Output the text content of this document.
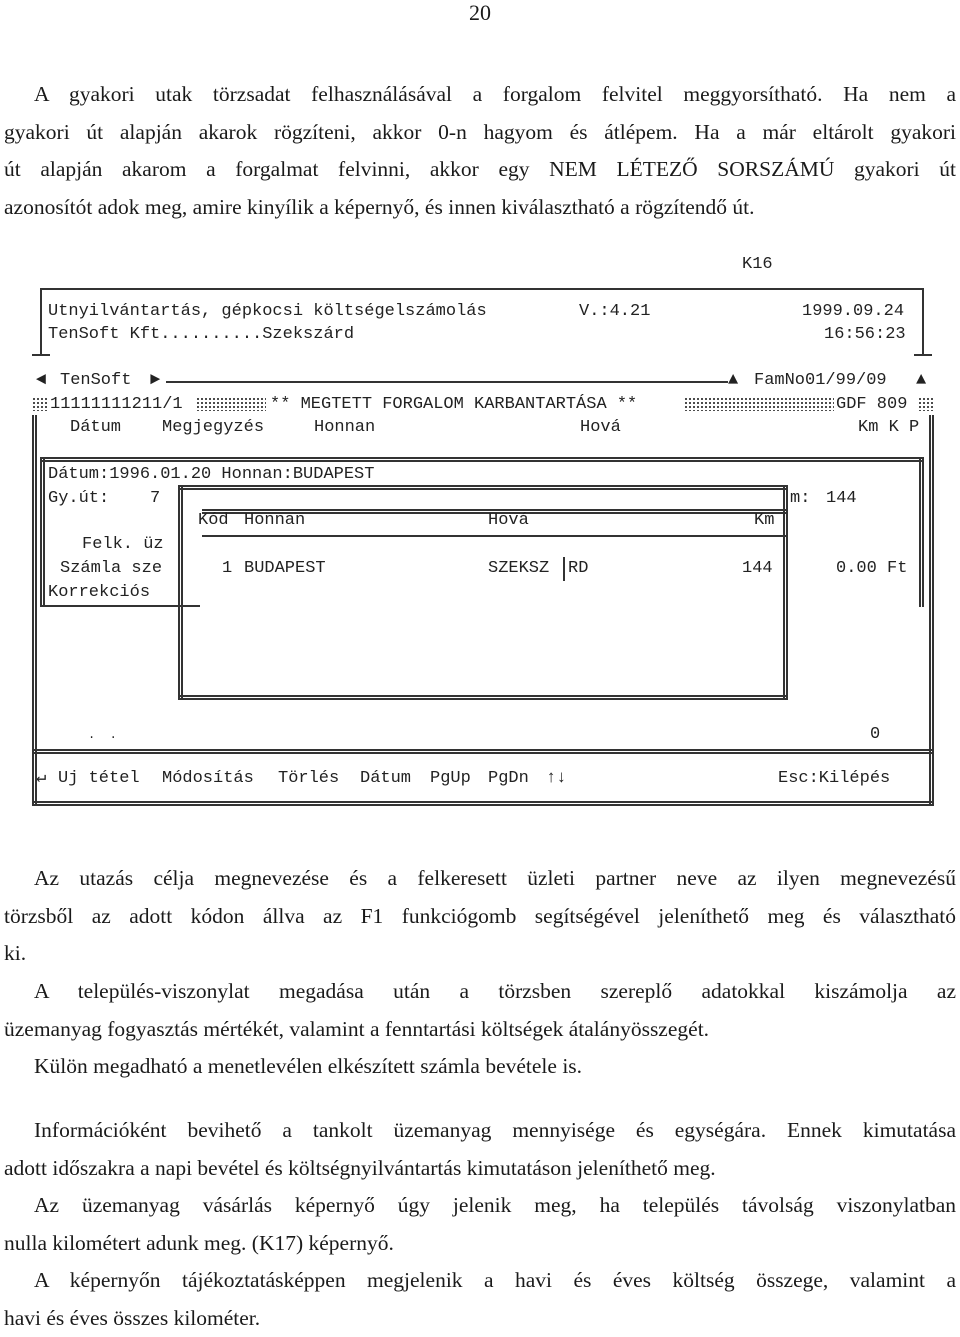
20
A gyakori utak törzsadat felhasználásával a forgalom felvitel meggyorsítható. Ha nem a
gyakori út alapján akarok rögzíteni, akkor 0-n hagyom és átlépem. Ha a már eltárolt gyakori
út alapján akarom a forgalmat felvinni, akkor egy NEM LÉTEZŐ SORSZÁMÚ gyakori út
azonosítót adok meg, amire kinyílik a képernyő, és innen kiválasztható a rögzítendő út.
K16
Utnyilvántartás, gépkocsi költségelszámolás	V.:4.21	1999.09.24
TenSoft Kft..........Szekszárd	16:56:23
◄ TenSoft ►	▲ FamNo01/99/09 ▲
11111111211/1	** MEGTETT FORGALOM KARBANTARTÁSA **	GDF 809
Dátum Megjegyzés	Honnan	Hová	Km K P
Dátum:1996.01.20 Honnan:BUDAPEST
Gy.út: 7	m: 144
Felk. üz
Számla sze	0.00 Ft
Korrekciós
Kód Honnan	Hová	Km
1 BUDAPEST	SZEKSZ RD	144
.  .	0
↵ Uj tétel Módosítás Törlés Dátum PgUp PgDn ↑↓	Esc:Kilépés
Az utazás célja megnevezése és a felkeresett üzleti partner neve az ilyen megnevezésű
törzsből az adott kódon állva az F1 funkciógomb segítségével jeleníthető meg és választható
ki.
A település-viszonylat megadása után a törzsben szereplő adatokkal kiszámolja az
üzemanyag fogyasztás mértékét, valamint a fenntartási költségek átalányösszegét.
Külön megadható a menetlevélen elkészített számla bevétele is.
Információként bevihető a tankolt üzemanyag mennyisége és egységára. Ennek kimutatása
adott időszakra a napi bevétel és költségnyilvántartás kimutatáson jeleníthető meg.
Az üzemanyag vásárlás képernyő úgy jelenik meg, ha település távolság viszonylatban
nulla kilométert adunk meg. (K17) képernyő.
A képernyőn tájékoztatásképpen megjelenik a havi és éves költség összege, valamint a
havi és éves összes kilométer.
